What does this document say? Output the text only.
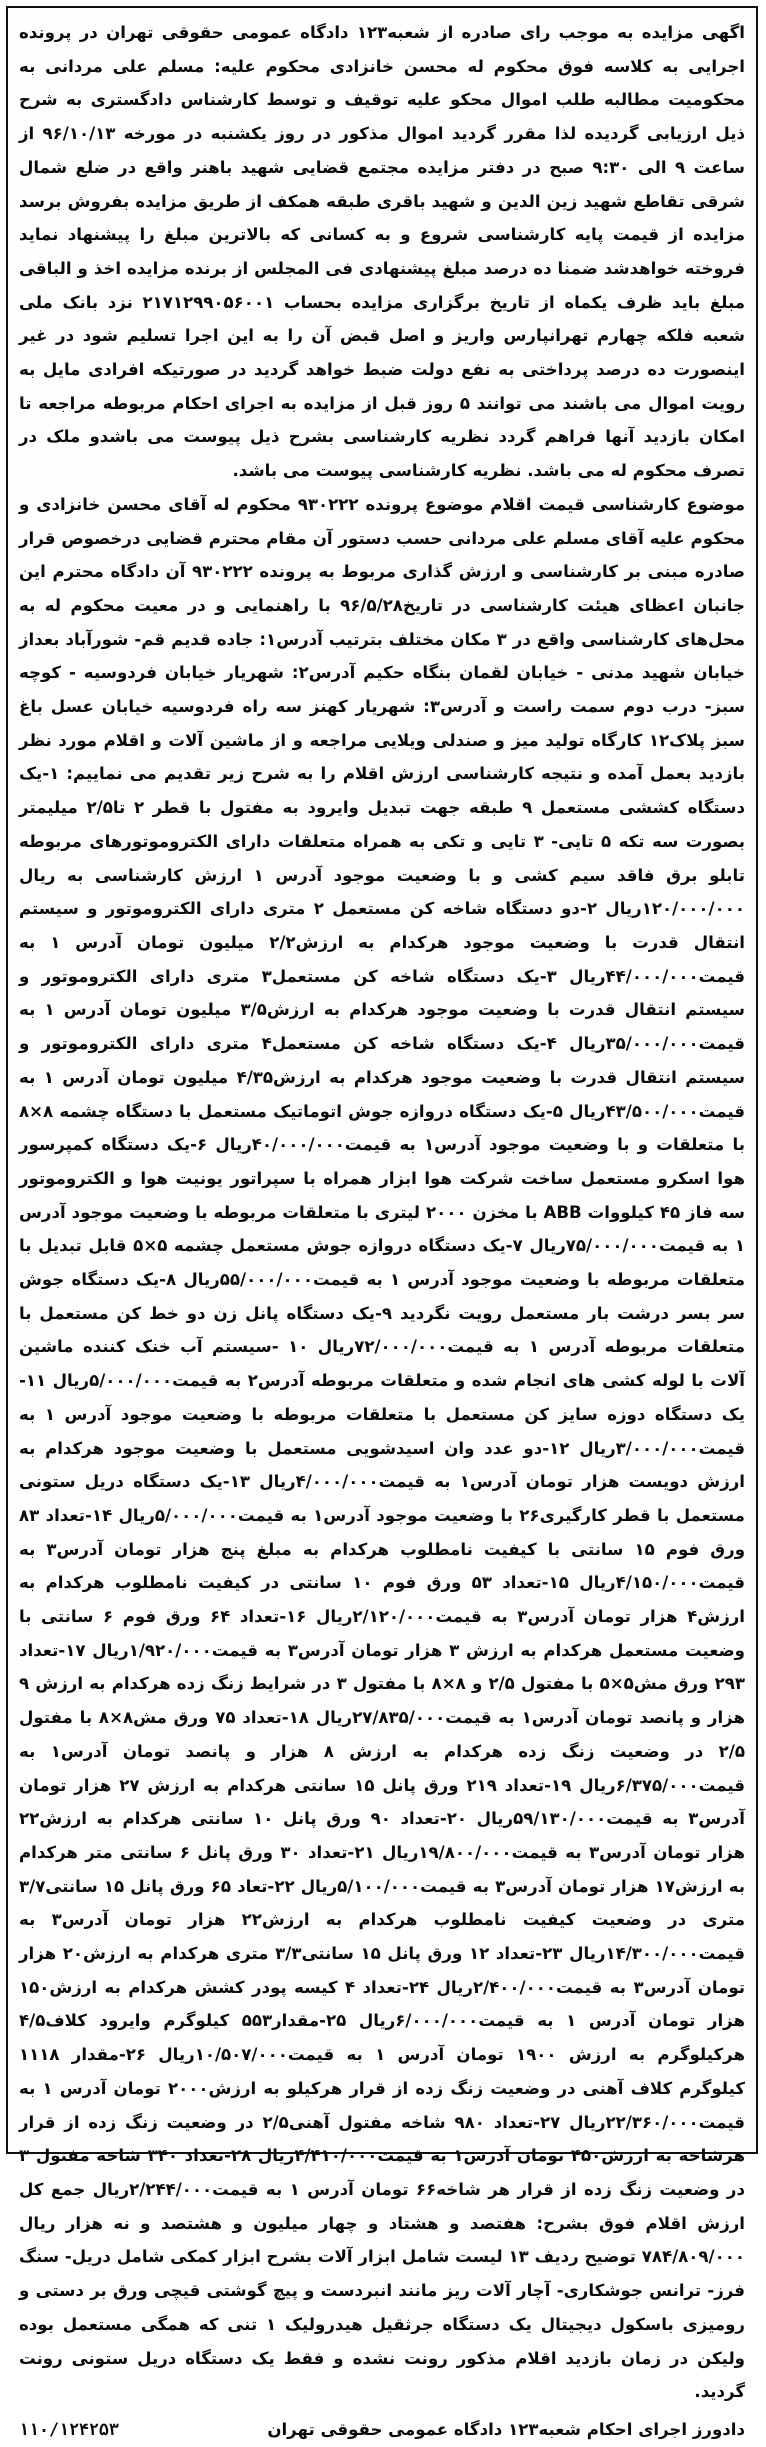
اگهی مزایده به موجب رای صادره از شعبه۱۲۳ دادگاه عمومی حقوقی تهران در پرونده اجرایی به کلاسه فوق محکوم له محسن خانزادی محکوم علیه: مسلم علی مردانی به محکومیت مطالبه طلب اموال محکو علیه توقیف و توسط کارشناس دادگستری به شرح ذیل ارزیابی گردیده لذا مقرر گردید اموال مذکور در روز یکشنبه در مورخه ۹۶/۱۰/۱۳ از ساعت ۹ الی ۹:۳۰ صبح در دفتر مزایده مجتمع قضایی شهید باهنر واقع در ضلع شمال شرقی تقاطع شهید زین الدین و شهید باقری طبقه همکف از طریق مزایده بفروش برسد مزایده از قیمت پایه کارشناسی شروع و به کسانی که بالاترین مبلغ را پیشنهاد نماید فروخته خواهدشد ضمنا ده درصد مبلغ پیشنهادی فی المجلس از برنده مزایده اخذ و الباقی مبلغ باید ظرف یکماه از تاریخ برگزاری مزایده بحساب ۲۱۷۱۲۹۹۰۵۶۰۰۱ نزد بانک ملی شعبه فلکه چهارم تهرانپارس واریز و اصل قبض آن را به این اجرا تسلیم شود در غیر اینصورت ده درصد پرداختی به نفع دولت ضبط خواهد گردید در صورتیکه افرادی مایل به رویت اموال می باشند می توانند ۵ روز قبل از مزایده به اجرای احکام مربوطه مراجعه تا امکان بازدید آنها فراهم گردد نظریه کارشناسی بشرح ذیل پیوست می باشدو ملک در تصرف محکوم له می باشد. نظریه کارشناسی پیوست می باشد.

موضوع کارشناسی قیمت اقلام موضوع پرونده ۹۳۰۲۲۲ محکوم له آقای محسن خانزادی و محکوم علیه آقای مسلم علی مردانی حسب دستور آن مقام محترم قضایی درخصوص قرار صادره مبنی بر کارشناسی و ارزش گذاری مربوط به پرونده ۹۳۰۲۲۲ آن دادگاه محترم این جانبان اعظای هیئت کارشناسی در تاریخ۹۶/۵/۲۸ با راهنمایی و در معیت محکوم له به محل‌های کارشناسی واقع در ۳ مکان مختلف بترتیب آدرس۱: جاده قدیم قم- شورآباد بعداز خیابان شهید مدنی - خیابان لقمان بنگاه حکیم آدرس۲: شهریار خیابان فردوسیه - کوچه سبز- درب دوم سمت راست و آدرس۳: شهریار کهنز سه راه فردوسیه خیابان عسل باغ سبز پلاک۱۲ کارگاه تولید میز و صندلی ویلایی مراجعه و از ماشین آلات و اقلام مورد نظر بازدید بعمل آمده و نتیجه کارشناسی ارزش اقلام را به شرح زیر تقدیم می نماییم: ۱-یک دستگاه کششی مستعمل ۹ طبقه جهت تبدیل وایرود به مفتول با قطر ۲ تا۲/۵ میلیمتر بصورت سه تکه ۵ تایی- ۳ تایی و تکی به همراه متعلقات دارای الکتروموتورهای مربوطه تابلو برق فاقد سیم کشی و با وضعیت موجود آدرس ۱ ارزش کارشناسی به ریال ۱۲۰/۰۰۰/۰۰۰ریال ۲-دو دستگاه شاخه کن مستعمل ۲ متری دارای الکتروموتور و سیستم انتقال قدرت با وضعیت موجود هرکدام به ارزش۲/۲ میلیون تومان آدرس ۱ به قیمت۴۴/۰۰۰/۰۰۰ریال ۳-یک دستگاه شاخه کن مستعمل۳ متری دارای الکتروموتور و سیستم انتقال قدرت با وضعیت موجود هرکدام به ارزش۳/۵ میلیون تومان آدرس ۱ به قیمت۳۵/۰۰۰/۰۰۰ریال ۴-یک دستگاه شاخه کن مستعمل۴ متری دارای الکتروموتور و سیستم انتقال قدرت با وضعیت موجود هرکدام به ارزش۴/۳۵ میلیون تومان آدرس ۱ به قیمت۴۳/۵۰۰/۰۰۰ریال ۵-یک دستگاه دروازه جوش اتوماتیک مستعمل با دستگاه چشمه ۸×۸ با متعلقات و با وضعیت موجود آدرس۱ به قیمت۴۰/۰۰۰/۰۰۰ریال ۶-یک دستگاه کمپرسور هوا اسکرو مستعمل ساخت شرکت هوا ابزار همراه با سپراتور یونیت هوا و الکتروموتور سه فاز ۴۵ کیلووات ABB با مخزن ۲۰۰۰ لیتری با متعلقات مربوطه با وضعیت موجود آدرس ۱ به قیمت۷۵/۰۰۰/۰۰۰ریال ۷-یک دستگاه دروازه جوش مستعمل چشمه ۵×۵ قابل تبدیل با متعلقات مربوطه با وضعیت موجود آدرس ۱ به قیمت۵۵/۰۰۰/۰۰۰ریال ۸-یک دستگاه جوش سر بسر درشت بار مستعمل رویت نگردید ۹-یک دستگاه پانل زن دو خط کن مستعمل با متعلقات مربوطه آدرس ۱ به قیمت۷۲/۰۰۰/۰۰۰ریال ۱۰ -سیستم آب خنک کننده ماشین آلات با لوله کشی های انجام شده و متعلقات مربوطه آدرس۲ به قیمت۵/۰۰۰/۰۰۰ریال ۱۱-یک دستگاه دوزه سایز کن مستعمل با متعلقات مربوطه با وضعیت موجود آدرس ۱ به قیمت۳/۰۰۰/۰۰۰ریال ۱۲-دو عدد وان اسیدشویی مستعمل با وضعیت موجود هرکدام به ارزش دویست هزار تومان آدرس۱ به قیمت۴/۰۰۰/۰۰۰ریال ۱۳-یک دستگاه دریل ستونی مستعمل با قطر کارگیری۲۶ با وضعیت موجود آدرس۱ به قیمت۵/۰۰۰/۰۰۰ریال ۱۴-تعداد ۸۳ ورق فوم ۱۵ سانتی با کیفیت نامطلوب هرکدام به مبلغ پنج هزار تومان آدرس۳ به قیمت۴/۱۵۰/۰۰۰ریال ۱۵-تعداد ۵۳ ورق فوم ۱۰ سانتی در کیفیت نامطلوب هرکدام به ارزش۴ هزار تومان آدرس۳ به قیمت۲/۱۲۰/۰۰۰ریال ۱۶-تعداد ۶۴ ورق فوم ۶ سانتی با وضعیت مستعمل هرکدام به ارزش ۳ هزار تومان آدرس۳ به قیمت۱/۹۲۰/۰۰۰ریال ۱۷-تعداد ۲۹۳ ورق مش۵×۵ با مفتول ۲/۵ و ۸×۸ با مفتول ۳ در شرایط زنگ زده هرکدام به ارزش ۹ هزار و پانصد تومان آدرس۱ به قیمت۲۷/۸۳۵/۰۰۰ریال ۱۸-تعداد ۷۵ ورق مش۸×۸ با مفتول ۲/۵ در وضعیت زنگ زده هرکدام به ارزش ۸ هزار و پانصد تومان آدرس۱ به قیمت۶/۳۷۵/۰۰۰ریال ۱۹-تعداد ۲۱۹ ورق پانل ۱۵ سانتی هرکدام به ارزش ۲۷ هزار تومان آدرس۳ به قیمت۵۹/۱۳۰/۰۰۰ریال ۲۰-تعداد ۹۰ ورق پانل ۱۰ سانتی هرکدام به ارزش۲۲ هزار تومان آدرس۳ به قیمت۱۹/۸۰۰/۰۰۰ریال ۲۱-تعداد ۳۰ ورق پانل ۶ سانتی متر هرکدام به ارزش۱۷ هزار تومان آدرس۳ به قیمت۵/۱۰۰/۰۰۰ریال ۲۲-تعاد ۶۵ ورق پانل ۱۵ سانتی۳/۷ متری در وضعیت کیفیت نامطلوب هرکدام به ارزش۲۲ هزار تومان آدرس۳ به قیمت۱۴/۳۰۰/۰۰۰ریال ۲۳-تعداد ۱۲ ورق پانل ۱۵ سانتی۳/۳ متری هرکدام به ارزش۲۰ هزار تومان آدرس۳ به قیمت۲/۴۰۰/۰۰۰ریال ۲۴-تعداد ۴ کیسه پودر کشش هرکدام به ارزش۱۵۰ هزار تومان آدرس ۱ به قیمت۶/۰۰۰/۰۰۰ریال ۲۵-مقدار۵۵۳ کیلوگرم وایرود کلاف۴/۵ هرکیلوگرم به ارزش ۱۹۰۰ تومان آدرس ۱ به قیمت۱۰/۵۰۷/۰۰۰ریال ۲۶-مقدار ۱۱۱۸ کیلوگرم کلاف آهنی در وضعیت زنگ زده از قرار هرکیلو به ارزش۲۰۰۰ تومان آدرس ۱ به قیمت۲۲/۳۶۰/۰۰۰ریال ۲۷-تعداد ۹۸۰ شاخه مفتول آهنی۲/۵ در وضعیت زنگ زده از قرار هرشاخه به ارزش۴۵۰ تومان آدرس۱ به قیمت۴/۴۱۰/۰۰۰ریال ۲۸-تعداد ۳۴۰ شاخه مفتول ۳ در وضعیت زنگ زده از قرار هر شاخه۶۶ تومان آدرس ۱ به قیمت۲/۲۴۴/۰۰۰ریال جمع کل ارزش اقلام فوق بشرح: هفتصد و هشتاد و چهار میلیون و هشتصد و نه هزار ریال ۷۸۴/۸۰۹/۰۰۰ توضیح ردیف ۱۳ لیست شامل ابزار آلات بشرح ابزار کمکی شامل دریل- سنگ فرز- ترانس جوشکاری- آچار آلات ریز مانند انبردست و پیچ گوشتی قیچی ورق بر دستی و رومیزی باسکول دیجیتال یک دستگاه جرثقیل هیدرولیک ۱ تنی که همگی مستعمل بوده ولیکن در زمان بازدید اقلام مذکور رونت نشده و فقط یک دستگاه دریل ستونی رونت گردید.

دادورز اجرای احکام شعبه۱۲۳ دادگاه عمومی حقوقی تهران
۱۱۰/۱۲۴۲۵۳
